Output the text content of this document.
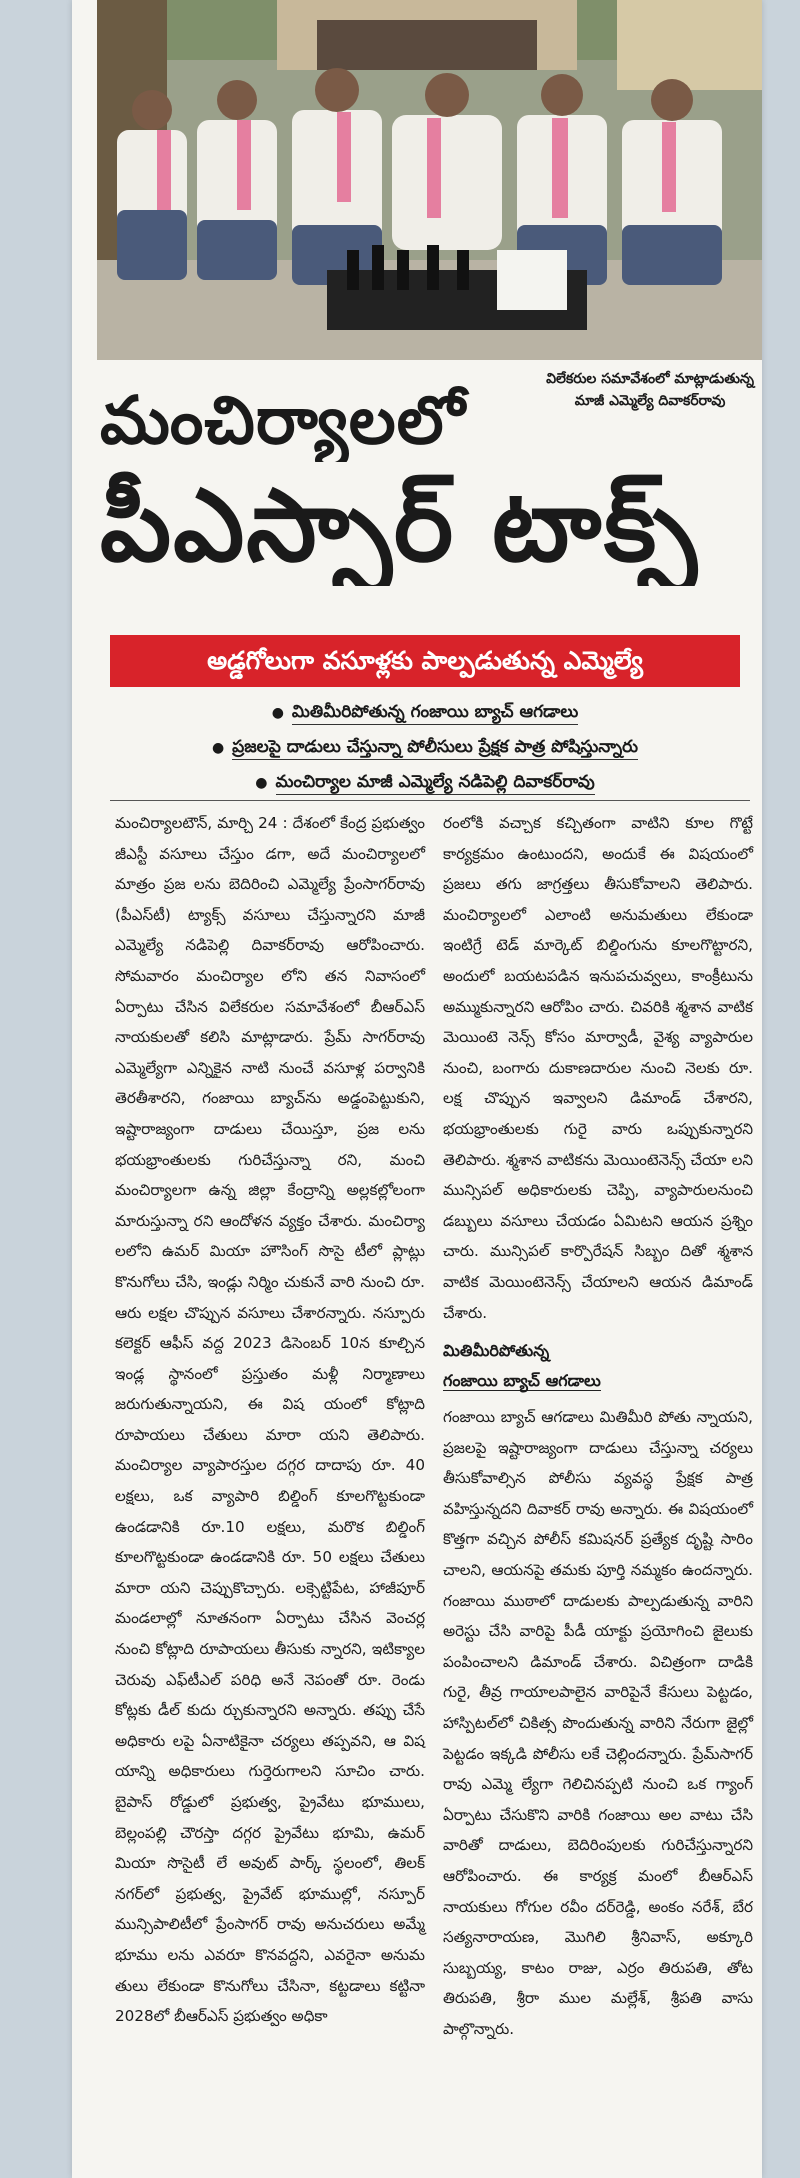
విలేకరుల సమావేశంలో మాట్లాడుతున్న మాజీ ఎమ్మెల్యే దివాకర్‌రావు
మంచిర్యాలలో
పీఎస్సార్ టాక్స్
అడ్డగోలుగా వసూళ్లకు పాల్పడుతున్న ఎమ్మెల్యే
● మితిమీరిపోతున్న గంజాయి బ్యాచ్ ఆగడాలు
● ప్రజలపై దాడులు చేస్తున్నా పోలీసులు ప్రేక్షక పాత్ర పోషిస్తున్నారు
● మంచిర్యాల మాజీ ఎమ్మెల్యే నడిపెల్లి దివాకర్‌రావు

మంచిర్యాలటౌన్, మార్చి 24 : దేశంలో కేంద్ర ప్రభుత్వం జీఎస్టీ వసూలు చేస్తుం డగా, అదే మంచిర్యాలలో మాత్రం ప్రజ లను బెదిరించి ఎమ్మెల్యే ప్రేంసాగర్‌రావు (పీఎస్‌టీ) ట్యాక్స్ వసూలు చేస్తున్నారని మాజీ ఎమ్మెల్యే నడిపెల్లి దివాకర్‌రావు ఆరోపించారు. సోమవారం మంచిర్యాల లోని తన నివాసంలో ఏర్పాటు చేసిన విలేకరుల సమావేశంలో బీఆర్ఎస్ నాయకులతో కలిసి మాట్లాడారు. ప్రేమ్ సాగర్‌రావు ఎమ్మెల్యేగా ఎన్నికైన నాటి నుంచే వసూళ్ల పర్వానికి తెరతీశారని, గంజాయి బ్యాచ్‌ను అడ్డంపెట్టుకుని, ఇష్టారాజ్యంగా దాడులు చేయిస్తూ, ప్రజ లను భయభ్రాంతులకు గురిచేస్తున్నా రని, మంచి మంచిర్యాలగా ఉన్న జిల్లా కేంద్రాన్ని అల్లకల్లోలంగా మారుస్తున్నా రని ఆందోళన వ్యక్తం చేశారు. మంచిర్యా లలోని ఉమర్ మియా హౌసింగ్ సొసై టీలో ప్లాట్లు కొనుగోలు చేసి, ఇండ్లు నిర్మిం చుకునే వారి నుంచి రూ. ఆరు లక్షల చొప్పున వసూలు చేశారన్నారు. నస్పూరు కలెక్టర్ ఆఫీస్ వద్ద 2023 డిసెంబర్ 10న కూల్చిన ఇండ్ల స్థానంలో ప్రస్తుతం మళ్లీ నిర్మాణాలు జరుగుతున్నాయని, ఈ విష యంలో కోట్లాది రూపాయలు చేతులు మారా యని తెలిపారు. మంచిర్యాల వ్యాపారస్తుల దగ్గర దాదాపు రూ. 40 లక్షలు, ఒక వ్యాపారి బిల్డింగ్ కూలగొట్టకుండా ఉండడానికి రూ.10 లక్షలు, మరొక బిల్డింగ్ కూలగొట్టకుండా ఉండడానికి రూ. 50 లక్షలు చేతులు మారా యని చెప్పుకొచ్చారు. లక్సెట్టిపేట, హాజీపూర్ మండలాల్లో నూతనంగా ఏర్పాటు చేసిన వెంచర్ల నుంచి కోట్లాది రూపాయలు తీసుకు న్నారని, ఇటిక్యాల చెరువు ఎఫ్‌టీఎల్ పరిధి అనే నెపంతో రూ. రెండు కోట్లకు డీల్ కుదు ర్చుకున్నారని అన్నారు. తప్పు చేసే అధికారు లపై ఏనాటికైనా చర్యలు తప్పవని, ఆ విష యాన్ని అధికారులు గుర్తెరుగాలని సూచిం చారు. బైపాస్ రోడ్డులో ప్రభుత్వ, ప్రైవేటు భూములు, బెల్లంపల్లి చౌరస్తా దగ్గర ప్రైవేటు భూమి, ఉమర్ మియా సొసైటీ లే అవుట్ పార్క్ స్థలంలో, తిలక్ నగర్‌లో ప్రభుత్వ, ప్రైవేట్ భూముల్లో, నస్పూర్ మున్సిపాలిటీలో ప్రేంసాగర్ రావు అనుచరులు అమ్మే భూము లను ఎవరూ కొనవద్దని, ఎవరైనా అనుమ తులు లేకుండా కొనుగోలు చేసినా, కట్టడాలు కట్టినా 2028లో బీఆర్ఎస్ ప్రభుత్వం అధికా

రంలోకి వచ్చాక కచ్చితంగా వాటిని కూల గొట్టే కార్యక్రమం ఉంటుందని, అందుకే ఈ విషయంలో ప్రజలు తగు జాగ్రత్తలు తీసుకోవాలని తెలిపారు. మంచిర్యాలలో ఎలాంటి అనుమతులు లేకుండా ఇంటిగ్రే టెడ్ మార్కెట్ బిల్డింగును కూలగొట్టారని, అందులో బయటపడిన ఇనుపచువ్వలు, కాంక్రీటును అమ్ముకున్నారని ఆరోపిం చారు. చివరికి శ్మశాన వాటిక మెయింటె నెన్స్ కోసం మార్వాడీ, వైశ్య వ్యాపారుల నుంచి, బంగారు దుకాణదారుల నుంచి నెలకు రూ. లక్ష చొప్పున ఇవ్వాలని డిమాండ్ చేశారని, భయభ్రాంతులకు గురై వారు ఒప్పుకున్నారని తెలిపారు. శ్మశాన వాటికను మెయింటెనెన్స్ చేయా లని మున్సిపల్ అధికారులకు చెప్పి, వ్యాపారులనుంచి డబ్బులు వసూలు చేయడం ఏమిటని ఆయన ప్రశ్నిం చారు. మున్సిపల్ కార్పొరేషన్ సిబ్బం దితో శ్మశాన వాటిక మెయింటెనెన్స్ చేయాలని ఆయన డిమాండ్ చేశారు.

మితిమీరిపోతున్న
గంజాయి బ్యాచ్ ఆగడాలు

గంజాయి బ్యాచ్ ఆగడాలు మితిమీరి పోతు న్నాయని, ప్రజలపై ఇష్టారాజ్యంగా దాడులు చేస్తున్నా చర్యలు తీసుకోవాల్సిన పోలీసు వ్యవస్థ ప్రేక్షక పాత్ర వహిస్తున్నదని దివాకర్ రావు అన్నారు. ఈ విషయంలో కొత్తగా వచ్చిన పోలీస్ కమిషనర్ ప్రత్యేక దృష్టి సారిం చాలని, ఆయనపై తమకు పూర్తి నమ్మకం ఉందన్నారు. గంజాయి ముఠాలో దాడులకు పాల్పడుతున్న వారిని అరెస్టు చేసి వారిపై పీడీ యాక్టు ప్రయోగించి జైలుకు పంపించాలని డిమాండ్ చేశారు. విచిత్రంగా దాడికి గురై, తీవ్ర గాయాలపాలైన వారిపైనే కేసులు పెట్టడం, హాస్పిటల్‌లో చికిత్స పొందుతున్న వారిని నేరుగా జైల్లో పెట్టడం ఇక్కడి పోలీసు లకే చెల్లిందన్నారు. ప్రేమ్‌సాగర్ రావు ఎమ్మె ల్యేగా గెలిచినప్పటి నుంచి ఒక గ్యాంగ్ ఏర్పాటు చేసుకొని వారికి గంజాయి అల వాటు చేసి వారితో దాడులు, బెదిరింపులకు గురిచేస్తున్నారని ఆరోపించారు. ఈ కార్యక్ర మంలో బీఆర్ఎస్ నాయకులు గోగుల రవీం దర్‌రెడ్డి, అంకం నరేశ్, బేర సత్యనారాయణ, మొగిలి శ్రీనివాస్, అక్కూరి సుబ్బయ్య, కాటం రాజు, ఎర్రం తిరుపతి, తోట తిరుపతి, శ్రీరా ముల మల్లేశ్, శ్రీపతి వాసు పాల్గొన్నారు.
